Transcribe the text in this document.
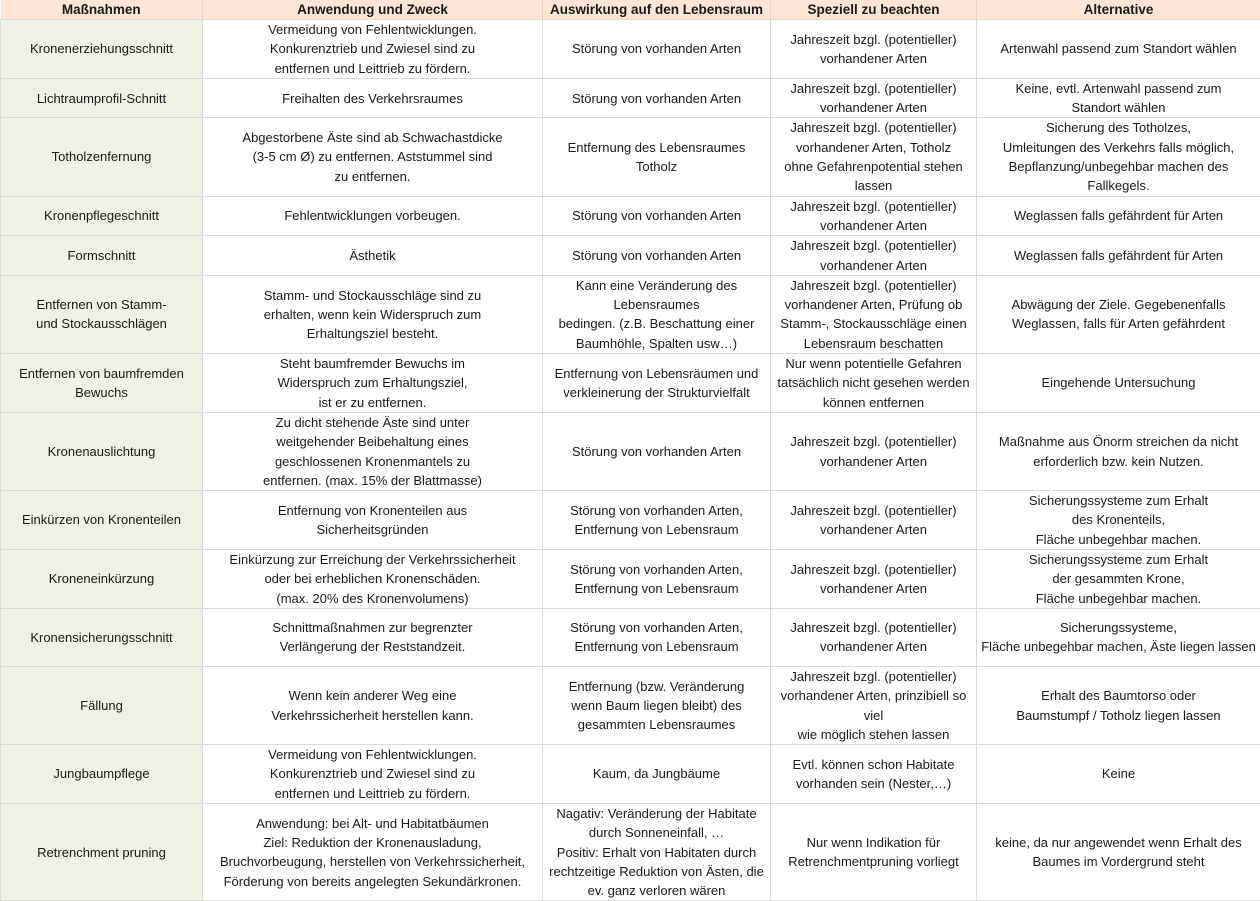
Maßnahmen	Anwendung und Zweck	Auswirkung auf den Lebensraum	Speziell zu beachten	Alternative

Kronenerziehungsschnitt	Vermeidung von Fehlentwicklungen.
Konkurenztrieb und Zwiesel sind zu
entfernen und Leittrieb zu fördern.	Störung von vorhanden Arten	Jahreszeit bzgl. (potentieller)
vorhandener Arten	Artenwahl passend zum Standort wählen

Lichtraumprofil-Schnitt	Freihalten des Verkehrsraumes	Störung von vorhanden Arten	Jahreszeit bzgl. (potentieller)
vorhandener Arten	Keine, evtl. Artenwahl passend zum
Standort wählen

Totholzenfernung	Abgestorbene Äste sind ab Schwachastdicke
(3-5 cm Ø) zu entfernen. Aststummel sind
zu entfernen.	Entfernung des Lebensraumes
Totholz	Jahreszeit bzgl. (potentieller)
vorhandener Arten, Totholz
ohne Gefahrenpotential stehen
lassen	Sicherung des Totholzes,
Umleitungen des Verkehrs falls möglich,
Bepflanzung/unbegehbar machen des
Fallkegels.

Kronenpflegeschnitt	Fehlentwicklungen vorbeugen.	Störung von vorhanden Arten	Jahreszeit bzgl. (potentieller)
vorhandener Arten	Weglassen falls gefährdent für Arten

Formschnitt	Ästhetik	Störung von vorhanden Arten	Jahreszeit bzgl. (potentieller)
vorhandener Arten	Weglassen falls gefährdent für Arten

Entfernen von Stamm-
und Stockausschlägen	Stamm- und Stockausschläge sind zu
erhalten, wenn kein Widerspruch zum
Erhaltungsziel besteht.	Kann eine Veränderung des
Lebensraumes
bedingen. (z.B. Beschattung einer
Baumhöhle, Spalten usw…)	Jahreszeit bzgl. (potentieller)
vorhandener Arten, Prüfung ob
Stamm-, Stockausschläge einen
Lebensraum beschatten	Abwägung der Ziele. Gegebenenfalls
Weglassen, falls für Arten gefährdent

Entfernen von baumfremden
Bewuchs	Steht baumfremder Bewuchs im
Widerspruch zum Erhaltungsziel,
ist er zu entfernen.	Entfernung von Lebensräumen und
verkleinerung der Strukturvielfalt	Nur wenn potentielle Gefahren
tatsächlich nicht gesehen werden
können entfernen	Eingehende Untersuchung

Kronenauslichtung	Zu dicht stehende Äste sind unter
weitgehender Beibehaltung eines
geschlossenen Kronenmantels zu
entfernen. (max. 15% der Blattmasse)	Störung von vorhanden Arten	Jahreszeit bzgl. (potentieller)
vorhandener Arten	Maßnahme aus Önorm streichen da nicht
erforderlich bzw. kein Nutzen.

Einkürzen von Kronenteilen	Entfernung von Kronenteilen aus
Sicherheitsgründen	Störung von vorhanden Arten,
Entfernung von Lebensraum	Jahreszeit bzgl. (potentieller)
vorhandener Arten	Sicherungssysteme zum Erhalt
des Kronenteils,
Fläche unbegehbar machen.

Kroneneinkürzung	Einkürzung zur Erreichung der Verkehrssicherheit
oder bei erheblichen Kronenschäden.
(max. 20% des Kronenvolumens)	Störung von vorhanden Arten,
Entfernung von Lebensraum	Jahreszeit bzgl. (potentieller)
vorhandener Arten	Sicherungssysteme zum Erhalt
der gesammten Krone,
Fläche unbegehbar machen.

Kronensicherungsschnitt	Schnittmaßnahmen zur begrenzter
Verlängerung der Reststandzeit.	Störung von vorhanden Arten,
Entfernung von Lebensraum	Jahreszeit bzgl. (potentieller)
vorhandener Arten	Sicherungssysteme,
Fläche unbegehbar machen, Äste liegen lassen

Fällung	Wenn kein anderer Weg eine
Verkehrssicherheit herstellen kann.	Entfernung (bzw. Veränderung
wenn Baum liegen bleibt) des
gesammten Lebensraumes	Jahreszeit bzgl. (potentieller)
vorhandener Arten, prinzibiell so
viel
wie möglich stehen lassen	Erhalt des Baumtorso oder
Baumstumpf / Totholz liegen lassen

Jungbaumpflege	Vermeidung von Fehlentwicklungen.
Konkurenztrieb und Zwiesel sind zu
entfernen und Leittrieb zu fördern.	Kaum, da Jungbäume	Evtl. können schon Habitate
vorhanden sein (Nester,…)	Keine

Retrenchment pruning	Anwendung: bei Alt- und Habitatbäumen
Ziel: Reduktion der Kronenausladung,
Bruchvorbeugung, herstellen von Verkehrssicherheit,
Förderung von bereits angelegten Sekundärkronen.	Nagativ: Veränderung der Habitate
durch Sonneneinfall, …
Positiv: Erhalt von Habitaten durch
rechtzeitige Reduktion von Ästen, die
ev. ganz verloren wären	Nur wenn Indikation für
Retrenchmentpruning vorliegt	keine, da nur angewendet wenn Erhalt des
Baumes im Vordergrund steht
